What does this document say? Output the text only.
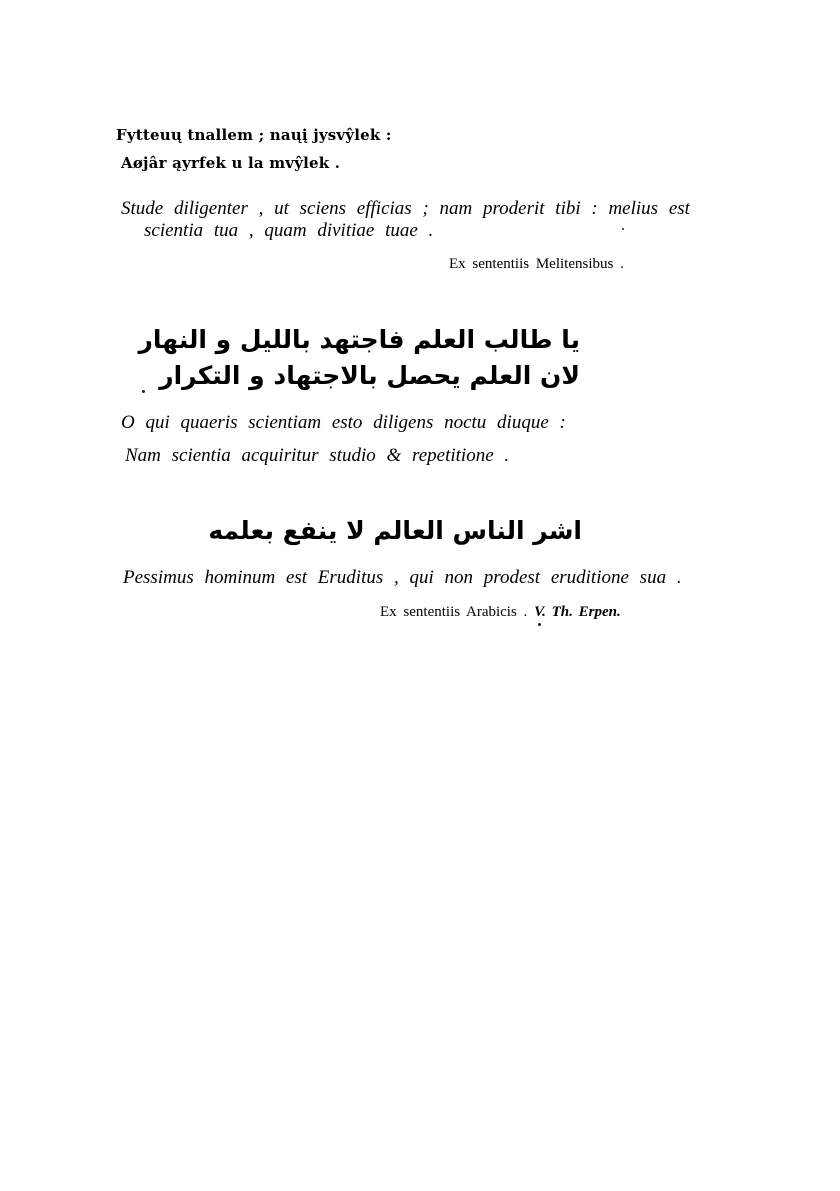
Fytteuų tnallem ; naųį jysvŷlek :
Aøjâr ąyrfek u la mvŷlek .
Stude diligenter , ut sciens efficias ; nam proderit tibi : melius est
scientia tua , quam divitiae tuae .
Ex sententiis Melitensibus .
يا طالب العلم فاجتهد بالليل و النهار
لان العلم يحصل بالاجتهاد و التكرار
O qui quaeris scientiam esto diligens noctu diuque :
Nam scientia acquiritur studio & repetitione .
اشر الناس العالم لا ينفع بعلمه
Pessimus hominum est Eruditus , qui non prodest eruditione sua .
Ex sententiis Arabicis . V. Th. Erpen.
